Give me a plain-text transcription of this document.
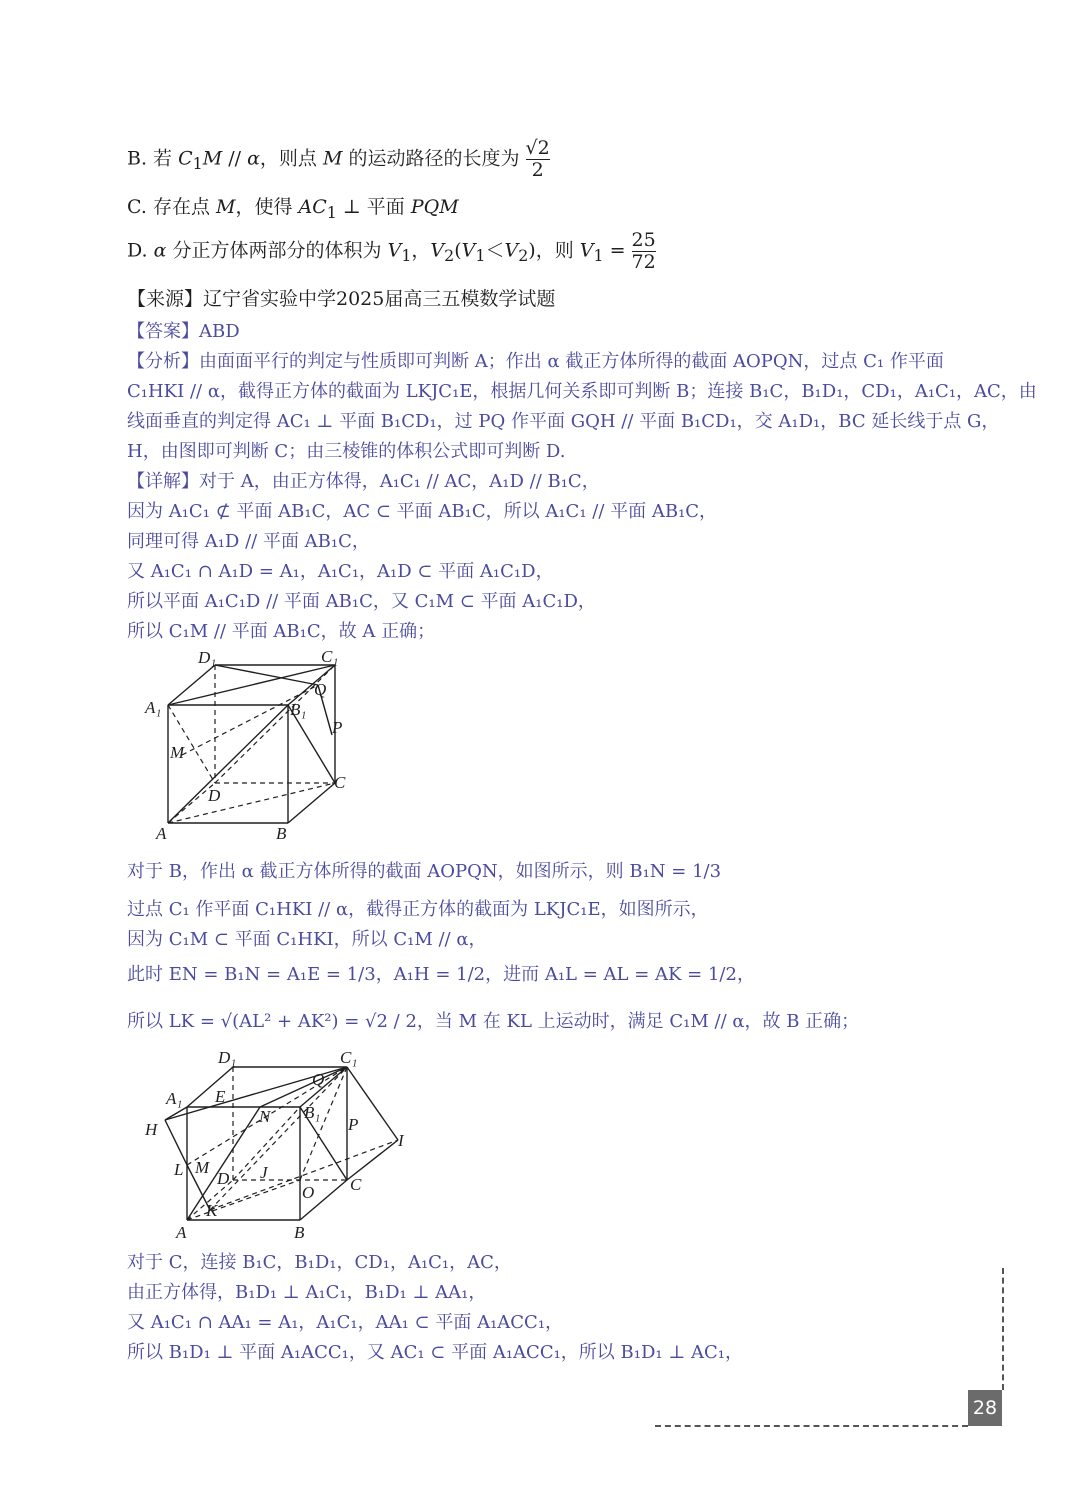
B. 若 $C_1M$ // α，则点 M 的运动路径的长度为 $\frac{√2}{2}$
C. 存在点 M，使得 $AC_1$ ⊥ 平面 PQM
D. α 分正方体两部分的体积为 $V_1$，$V_2(V_1<V_2)$，则 $V_1 = \frac{25}{72}$
【来源】辽宁省实验中学2025届高三五模数学试题
【答案】ABD
【分析】由面面平行的判定与性质即可判断 A；作出 α 截正方体所得的截面 AOPQN，过点 C₁ 作平面
C₁HKI // α，截得正方体的截面为 LKJC₁E，根据几何关系即可判断 B；连接 B₁C，B₁D₁，CD₁，A₁C₁，AC，由
线面垂直的判定得 AC₁ ⊥ 平面 B₁CD₁，过 PQ 作平面 GQH // 平面 B₁CD₁，交 A₁D₁，BC 延长线于点 G，
H，由图即可判断 C；由三棱锥的体积公式即可判断 D.
【详解】对于 A，由正方体得，A₁C₁ // AC，A₁D // B₁C，
因为 A₁C₁ ⊄ 平面 AB₁C，AC ⊂ 平面 AB₁C，所以 A₁C₁ // 平面 AB₁C，
同理可得 A₁D // 平面 AB₁C，
又 A₁C₁ ∩ A₁D = A₁，A₁C₁，A₁D ⊂ 平面 A₁C₁D，
所以平面 A₁C₁D // 平面 AB₁C，又 C₁M ⊂ 平面 A₁C₁D，
所以 C₁M // 平面 AB₁C，故 A 正确；
D₁	C₁
A₁	B₁
Q
P
M
D
C
A	B
对于 B，作出 α 截正方体所得的截面 AOPQN，如图所示，则 B₁N = 1/3
过点 C₁ 作平面 C₁HKI // α，截得正方体的截面为 LKJC₁E，如图所示，
因为 C₁M ⊂ 平面 C₁HKI，所以 C₁M // α，
此时 EN = B₁N = A₁E = 1/3，A₁H = 1/2，进而 A₁L = AL = AK = 1/2，
所以 LK = √(AL² + AK²) = √2 / 2，当 M 在 KL 上运动时，满足 C₁M // α，故 B 正确；
D₁	C₁
A₁ E
Q
H
N B₁
P
I
L M
D J
O C
K
A	B
对于 C，连接 B₁C，B₁D₁，CD₁，A₁C₁，AC，
由正方体得，B₁D₁ ⊥ A₁C₁，B₁D₁ ⊥ AA₁，
又 A₁C₁ ∩ AA₁ = A₁，A₁C₁，AA₁ ⊂ 平面 A₁ACC₁，
所以 B₁D₁ ⊥ 平面 A₁ACC₁，又 AC₁ ⊂ 平面 A₁ACC₁，所以 B₁D₁ ⊥ AC₁，
28
